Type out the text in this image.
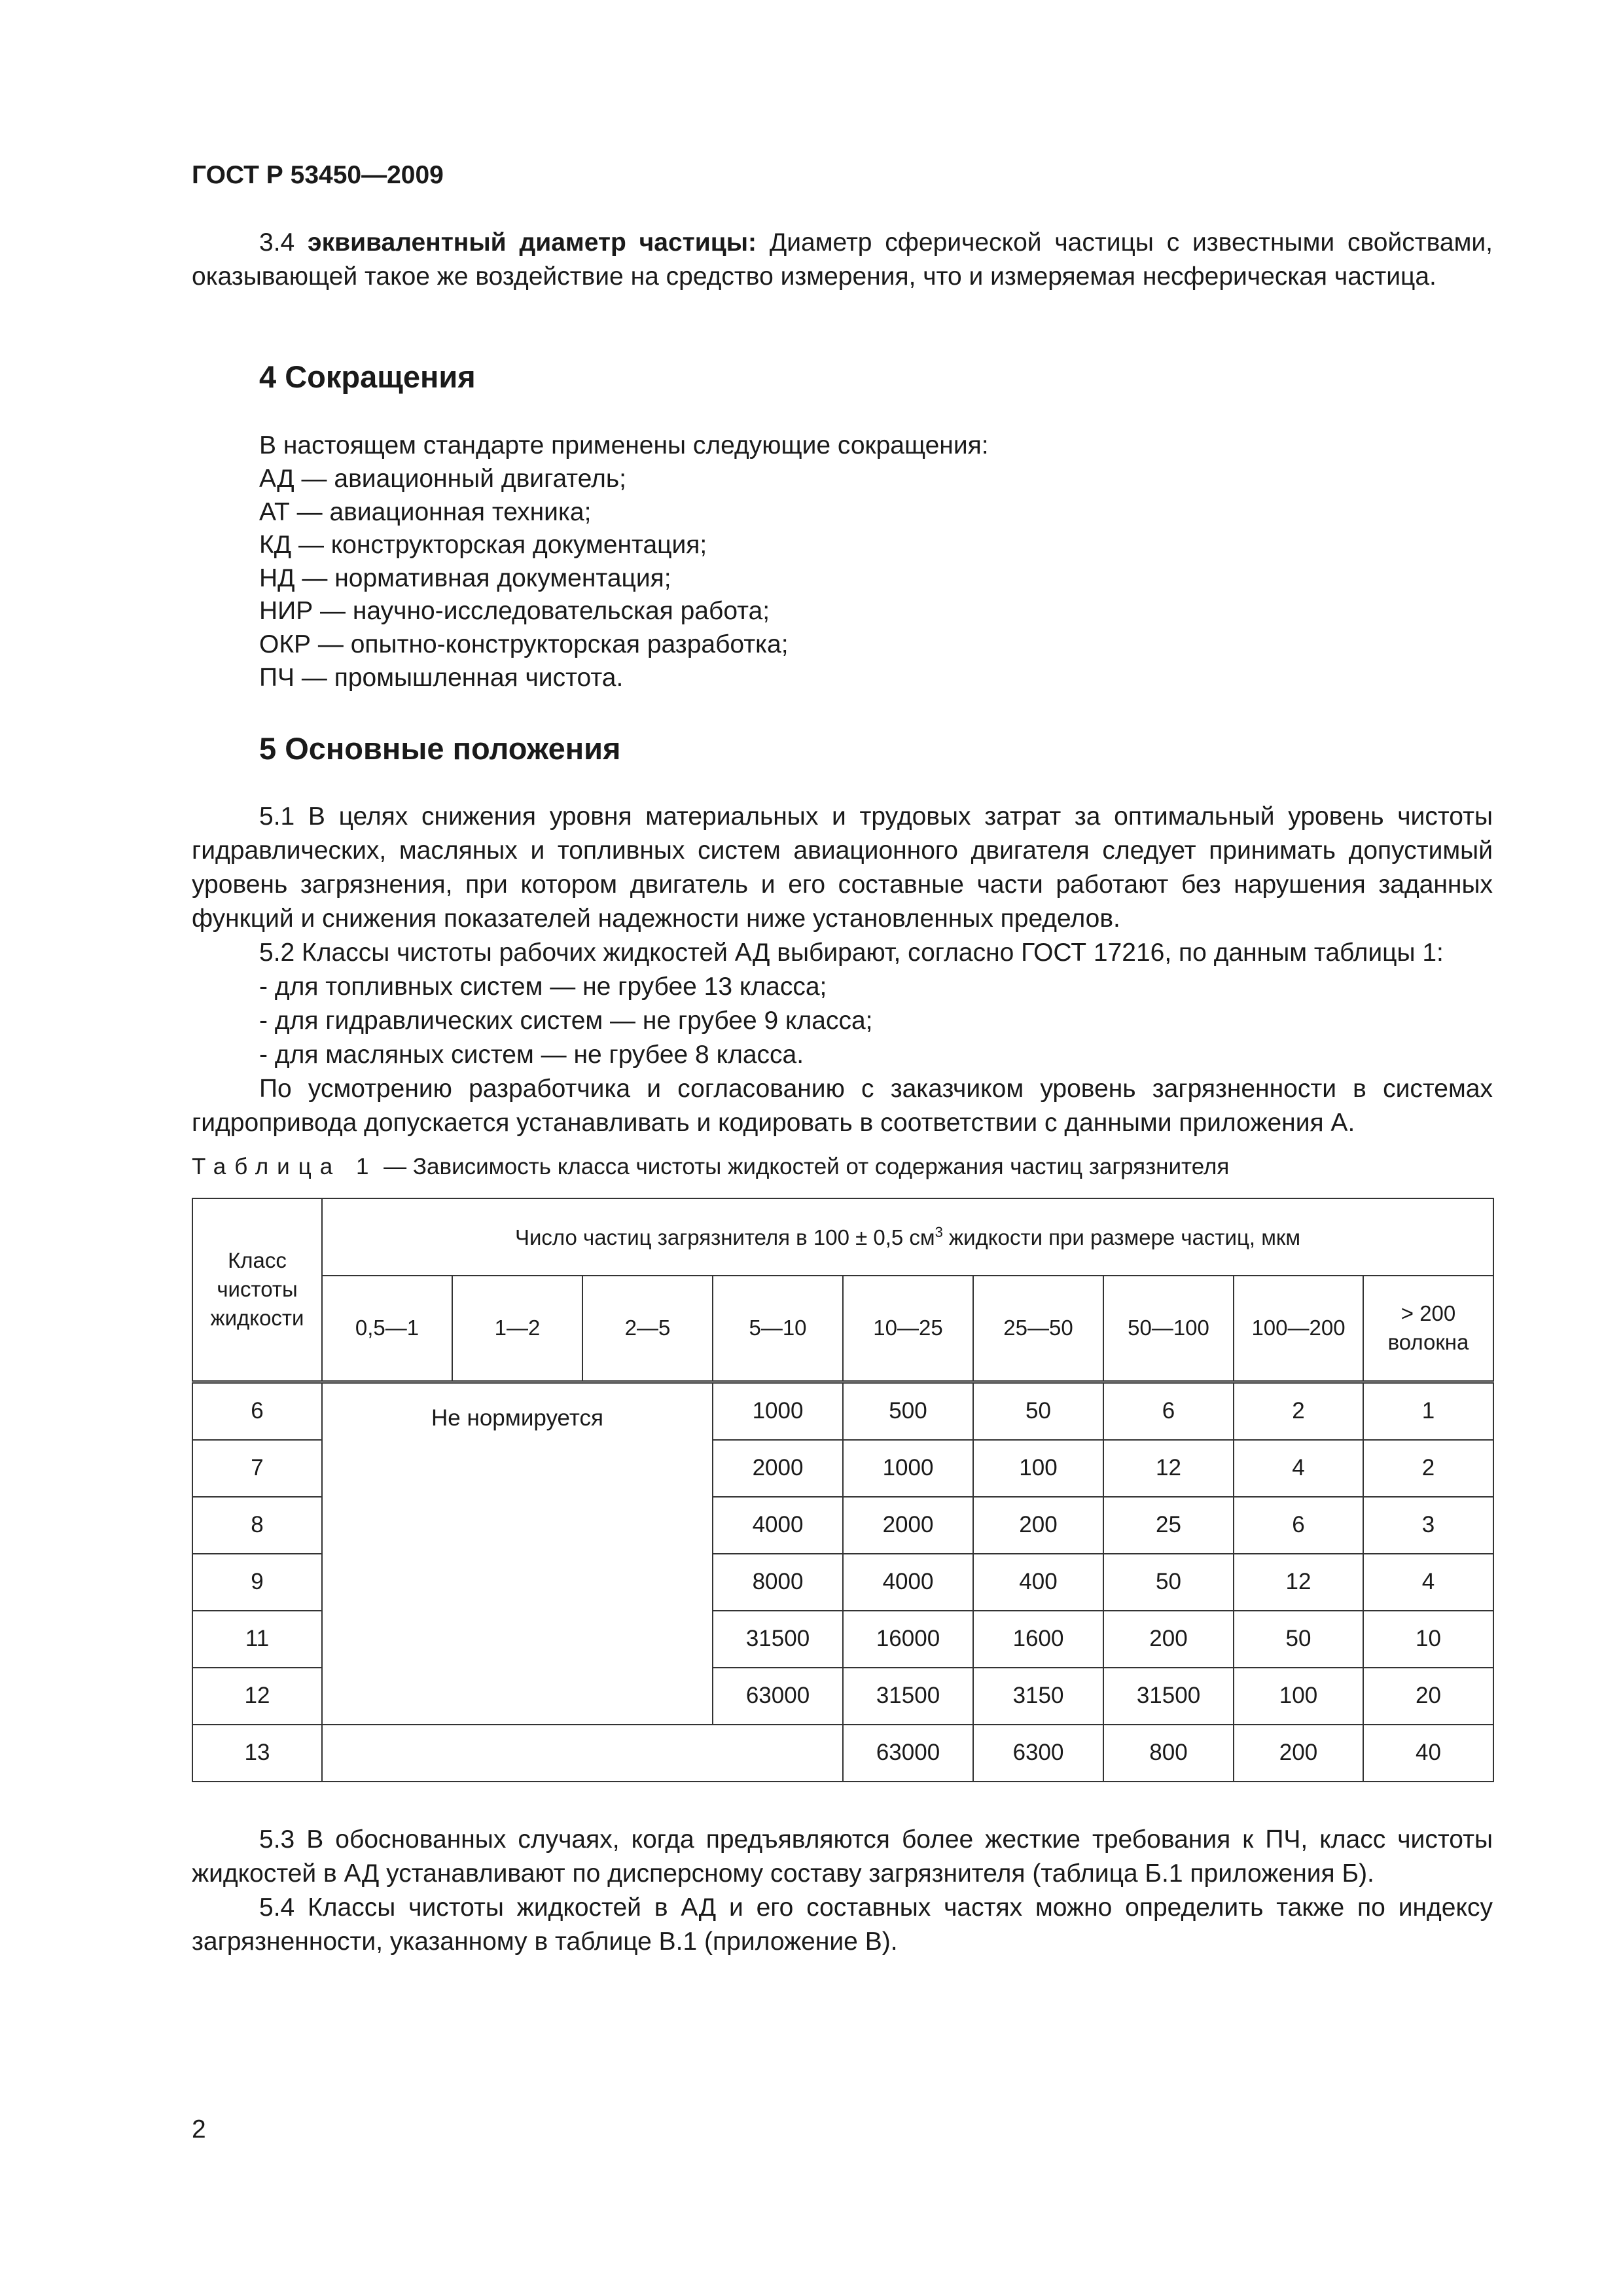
ГОСТ Р 53450—2009
3.4 эквивалентный диаметр частицы: Диаметр сферической частицы с известными свойствами, оказывающей такое же воздействие на средство измерения, что и измеряемая несферическая частица.
4 Сокращения
В настоящем стандарте применены следующие сокращения:
АД — авиационный двигатель;
АТ — авиационная техника;
КД — конструкторская документация;
НД — нормативная документация;
НИР — научно-исследовательская работа;
ОКР — опытно-конструкторская разработка;
ПЧ — промышленная чистота.
5 Основные положения
5.1 В целях снижения уровня материальных и трудовых затрат за оптимальный уровень чистоты гидравлических, масляных и топливных систем авиационного двигателя следует принимать допустимый уровень загрязнения, при котором двигатель и его составные части работают без нарушения заданных функций и снижения показателей надежности ниже установленных пределов.
5.2 Классы чистоты рабочих жидкостей АД выбирают, согласно ГОСТ 17216, по данным таблицы 1:
- для топливных систем — не грубее 13 класса;
- для гидравлических систем — не грубее 9 класса;
- для масляных систем — не грубее 8 класса.
По усмотрению разработчика и согласованию с заказчиком уровень загрязненности в системах гидропривода допускается устанавливать и кодировать в соответствии с данными приложения А.
Таблица 1 — Зависимость класса чистоты жидкостей от содержания частиц загрязнителя
Класс чистоты жидкости	Число частиц загрязнителя в 100 ± 0,5 $см^3$ жидкости при размере частиц, мкм								
	0,5—1	1—2	2—5	5—10	10—25	25—50	50—100	100—200	> 200 волокна
6	Не нормируется			1000	500	50	6	2	1
7				2000	1000	100	12	4	2
8				4000	2000	200	25	6	3
9				8000	4000	400	50	12	4
11				31500	16000	1600	200	50	10
12				63000	31500	3150	31500	100	20
13					63000	6300	800	200	40
5.3 В обоснованных случаях, когда предъявляются более жесткие требования к ПЧ, класс чистоты жидкостей в АД устанавливают по дисперсному составу загрязнителя (таблица Б.1 приложения Б).
5.4 Классы чистоты жидкостей в АД и его составных частях можно определить также по индексу загрязненности, указанному в таблице В.1 (приложение В).
2
